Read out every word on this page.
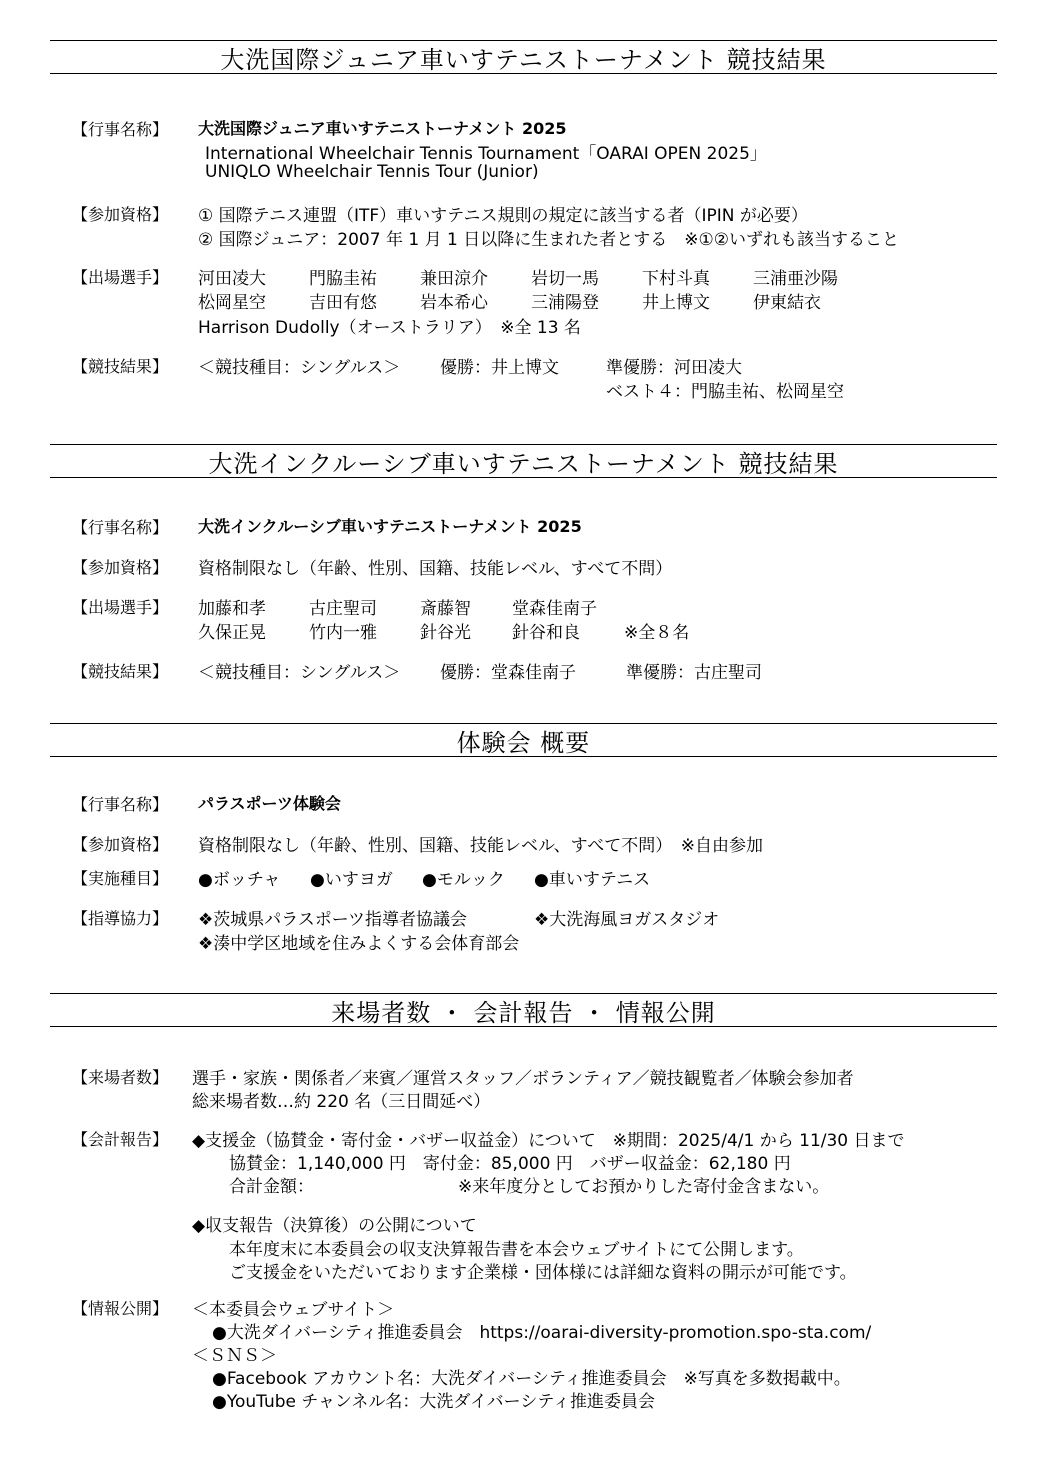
大洗国際ジュニア車いすテニストーナメント 競技結果
【行事名称】 大洗国際ジュニア車いすテニストーナメント 2025
International Wheelchair Tennis Tournament「OARAI OPEN 2025」
UNIQLO Wheelchair Tennis Tour (Junior)
【参加資格】 ① 国際テニス連盟（ITF）車いすテニス規則の規定に該当する者（IPIN が必要）
② 国際ジュニア：2007 年 1 月 1 日以降に生まれた者とする　※①②いずれも該当すること
【出場選手】 河田凌大	門脇圭祐	兼田涼介	岩切一馬	下村斗真	三浦亜沙陽
松岡星空	吉田有悠	岩本希心	三浦陽登	井上博文	伊東結衣
Harrison Dudolly（オーストラリア）　※全 13 名
【競技結果】 ＜競技種目：シングルス＞ 優勝：井上博文	準優勝：河田凌大
ベスト４：門脇圭祐、松岡星空
大洗インクルーシブ車いすテニストーナメント 競技結果
【行事名称】 大洗インクルーシブ車いすテニストーナメント 2025
【参加資格】 資格制限なし（年齢、性別、国籍、技能レベル、すべて不問）
【出場選手】 加藤和孝	古庄聖司	斎藤智	堂森佳南子
久保正晃	竹内一雅	針谷光	針谷和良	※全８名
【競技結果】 ＜競技種目：シングルス＞ 優勝：堂森佳南子	準優勝：古庄聖司
体験会 概要
【行事名称】 パラスポーツ体験会
【参加資格】 資格制限なし（年齢、性別、国籍、技能レベル、すべて不問）　※自由参加
【実施種目】 ●ボッチャ	●いすヨガ	●モルック	●車いすテニス
【指導協力】 ❖茨城県パラスポーツ指導者協議会	❖大洗海風ヨガスタジオ
❖湊中学区地域を住みよくする会体育部会
来場者数 ・ 会計報告 ・ 情報公開
【来場者数】 選手・家族・関係者／来賓／運営スタッフ／ボランティア／競技観覧者／体験会参加者
総来場者数…約 220 名（三日間延べ）
【会計報告】 ◆支援金（協賛金・寄付金・バザー収益金）について　※期間：2025/4/1 から 11/30 日まで
協賛金：1,140,000 円　寄付金：85,000 円　バザー収益金：62,180 円
合計金額：	※来年度分としてお預かりした寄付金含まない。
◆収支報告（決算後）の公開について
本年度末に本委員会の収支決算報告書を本会ウェブサイトにて公開します。
ご支援金をいただいております企業様・団体様には詳細な資料の開示が可能です。
【情報公開】 ＜本委員会ウェブサイト＞
●大洗ダイバーシティ推進委員会　https://oarai-diversity-promotion.spo-sta.com/
＜ＳＮＳ＞
●Facebook アカウント名：大洗ダイバーシティ推進委員会　※写真を多数掲載中。
●YouTube チャンネル名：大洗ダイバーシティ推進委員会
